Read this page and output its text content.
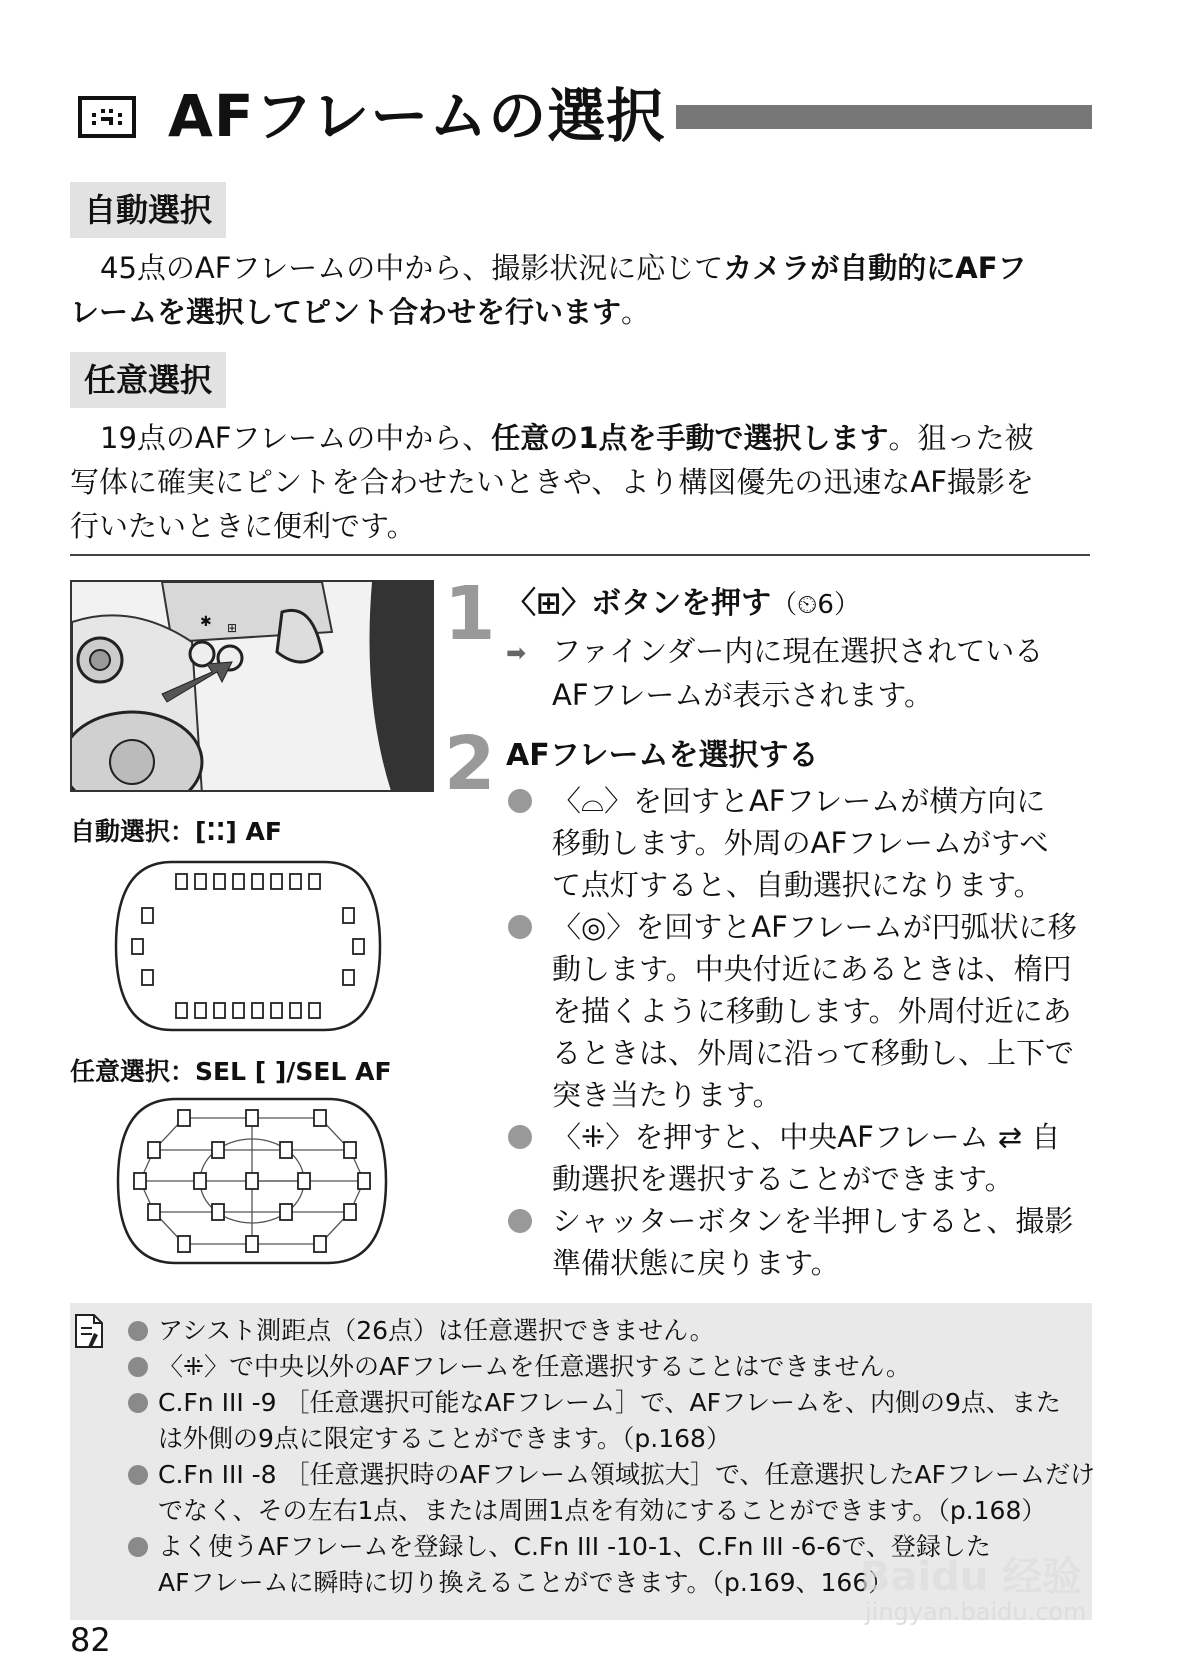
AFフレームの選択
自動選択
45点のAFフレームの中から、撮影状況に応じてカメラが自動的にAFフ
レームを選択してピント合わせを行います。
任意選択
19点のAFフレームの中から、任意の1点を手動で選択します。狙った被
写体に確実にピントを合わせたいときや、より構図優先の迅速なAF撮影を
行いたいときに便利です。
✱ ⊞
自動選択：[⁚⁚] AF
任意選択：SEL [ ]/SEL AF
1 〈⊞〉ボタンを押す（⏲6）
➡ ファインダー内に現在選択されている
AFフレームが表示されます。
2 AFフレームを選択する
〈⌓〉を回すとAFフレームが横方向に
移動します。外周のAFフレームがすべ
て点灯すると、自動選択になります。
〈◎〉を回すとAFフレームが円弧状に移
動します。中央付近にあるときは、楕円
を描くように移動します。外周付近にあ
るときは、外周に沿って移動し、上下で
突き当たります。
〈⁜〉を押すと、中央AFフレーム ⇄ 自
動選択を選択することができます。
シャッターボタンを半押しすると、撮影
準備状態に戻ります。
アシスト測距点（26点）は任意選択できません。
〈⁜〉で中央以外のAFフレームを任意選択することはできません。
C.Fn III -9 ［任意選択可能なAFフレーム］で、AFフレームを、内側の9点、また
は外側の9点に限定することができます。（p.168）
C.Fn III -8 ［任意選択時のAFフレーム領域拡大］で、任意選択したAFフレームだけ
でなく、その左右1点、または周囲1点を有効にすることができます。（p.168）
よく使うAFフレームを登録し、C.Fn III -10-1、C.Fn III -6-6で、登録した
AFフレームに瞬時に切り換えることができます。（p.169、166）
Baidu 经验
jingyan.baidu.com
82
